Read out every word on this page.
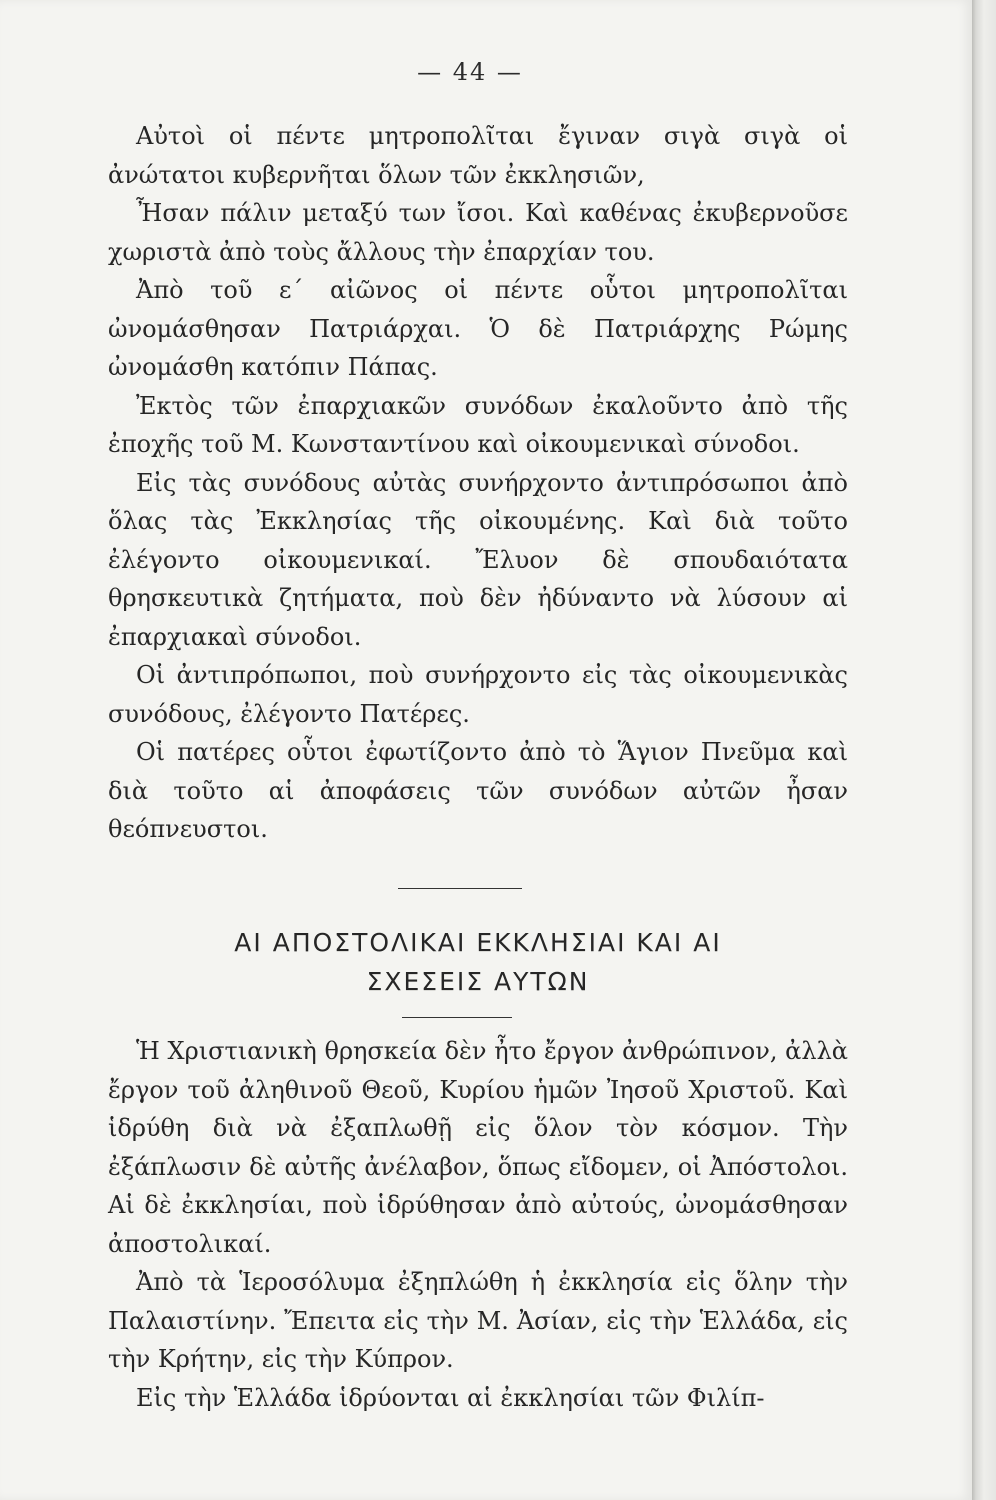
— 44 —

Αὐτοὶ οἱ πέντε μητροπολῖται ἔγιναν σιγὰ σιγὰ οἱ ἀνώτατοι κυβερνῆται ὅλων τῶν ἐκκλησιῶν,

Ἦσαν πάλιν μεταξύ των ἴσοι. Καὶ καθένας ἐκυβερνοῦσε χωριστὰ ἀπὸ τοὺς ἄλλους τὴν ἐπαρχίαν του.

Ἀπὸ τοῦ ε΄ αἰῶνος οἱ πέντε οὗτοι μητροπολῖται ὠνομάσθησαν Πατριάρχαι. Ὁ δὲ Πατριάρχης Ρώμης ὠνομάσθη κατόπιν Πάπας.

Ἐκτὸς τῶν ἐπαρχιακῶν συνόδων ἐκαλοῦντο ἀπὸ τῆς ἐποχῆς τοῦ Μ. Κωνσταντίνου καὶ οἰκουμενικαὶ σύνοδοι.

Εἰς τὰς συνόδους αὐτὰς συνήρχοντο ἀντιπρόσωποι ἀπὸ ὅλας τὰς Ἐκκλησίας τῆς οἰκουμένης. Καὶ διὰ τοῦτο ἐλέγοντο οἰκουμενικαί. Ἔλυον δὲ σπουδαιότατα θρησκευτικὰ ζητήματα, ποὺ δὲν ἠδύναντο νὰ λύσουν αἱ ἐπαρχιακαὶ σύνοδοι.

Οἱ ἀντιπρόπωποι, ποὺ συνήρχοντο εἰς τὰς οἰκουμενικὰς συνόδους, ἐλέγοντο Πατέρες.

Οἱ πατέρες οὗτοι ἐφωτίζοντο ἀπὸ τὸ Ἅγιον Πνεῦμα καὶ διὰ τοῦτο αἱ ἀποφάσεις τῶν συνόδων αὐτῶν ἦσαν θεόπνευστοι.

ΑΙ ΑΠΟΣΤΟΛΙΚΑΙ ΕΚΚΛΗΣΙΑΙ ΚΑΙ ΑΙ
ΣΧΕΣΕΙΣ ΑΥΤΩΝ

Ἡ Χριστιανικὴ θρησκεία δὲν ἦτο ἔργον ἀνθρώπινον, ἀλλὰ ἔργον τοῦ ἀληθινοῦ Θεοῦ, Κυρίου ἡμῶν Ἰησοῦ Χριστοῦ. Καὶ ἱδρύθη διὰ νὰ ἐξαπλωθῇ εἰς ὅλον τὸν κόσμον. Τὴν ἐξάπλωσιν δὲ αὐτῆς ἀνέλαβον, ὅπως εἴδομεν, οἱ Ἀπόστολοι. Αἱ δὲ ἐκκλησίαι, ποὺ ἱδρύθησαν ἀπὸ αὐτούς, ὠνομάσθησαν ἀποστολικαί.

Ἀπὸ τὰ Ἱεροσόλυμα ἐξηπλώθη ἡ ἐκκλησία εἰς ὅλην τὴν Παλαιστίνην. Ἔπειτα εἰς τὴν Μ. Ἀσίαν, εἰς τὴν Ἑλλάδα, εἰς τὴν Κρήτην, εἰς τὴν Κύπρον.

Εἰς τὴν Ἑλλάδα ἱδρύονται αἱ ἐκκλησίαι τῶν Φιλίπ-
